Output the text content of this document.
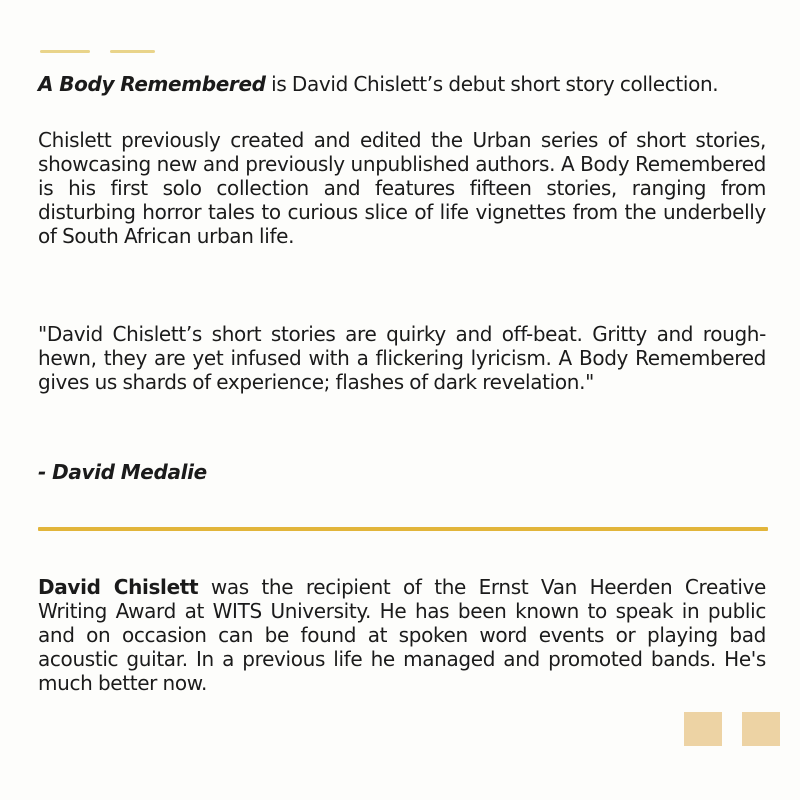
A Body Remembered is David Chislett’s debut short story collection.

Chislett previously created and edited the Urban series of short stories, showcasing new and previously unpublished authors. A Body Remembered is his first solo collection and features fifteen stories, ranging from disturbing horror tales to curious slice of life vignettes from the underbelly of South African urban life.

"David Chislett’s short stories are quirky and off-beat. Gritty and rough-hewn, they are yet infused with a flickering lyricism. A Body Remembered gives us shards of experience; flashes of dark revelation."

- David Medalie

David Chislett was the recipient of the Ernst Van Heerden Creative Writing Award at WITS University. He has been known to speak in public and on occasion can be found at spoken word events or playing bad acoustic guitar. In a previous life he managed and promoted bands. He's much better now.
